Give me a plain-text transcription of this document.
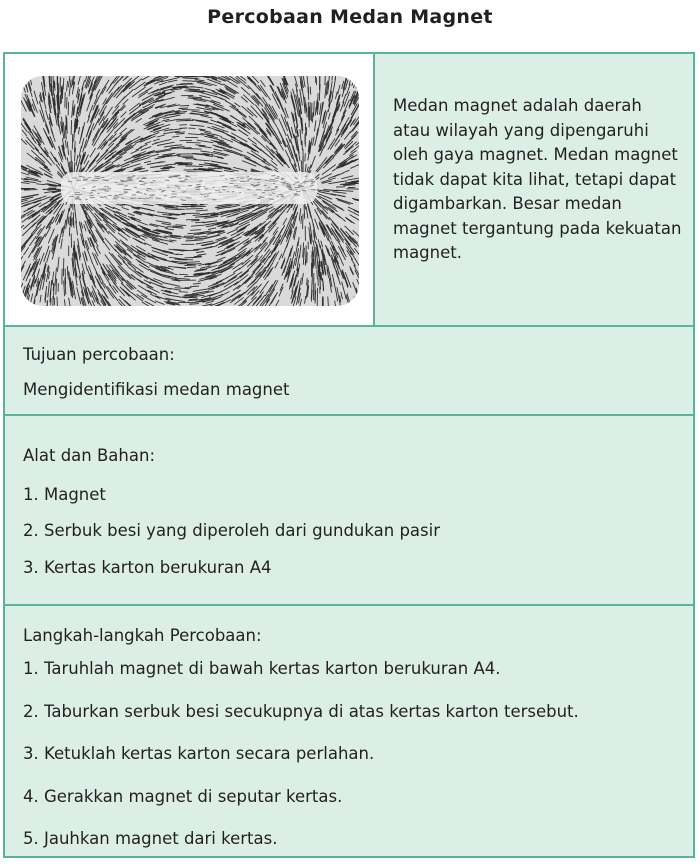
Percobaan Medan Magnet
Medan magnet adalah daerah atau wilayah yang dipengaruhi oleh gaya magnet. Medan magnet tidak dapat kita lihat, tetapi dapat digambarkan. Besar medan magnet tergantung pada kekuatan magnet.
Tujuan percobaan:
Mengidentifikasi medan magnet
Alat dan Bahan:
1. Magnet
2. Serbuk besi yang diperoleh dari gundukan pasir
3. Kertas karton berukuran A4
Langkah-langkah Percobaan:
1. Taruhlah magnet di bawah kertas karton berukuran A4.
2. Taburkan serbuk besi secukupnya di atas kertas karton tersebut.
3. Ketuklah kertas karton secara perlahan.
4. Gerakkan magnet di seputar kertas.
5. Jauhkan magnet dari kertas.
